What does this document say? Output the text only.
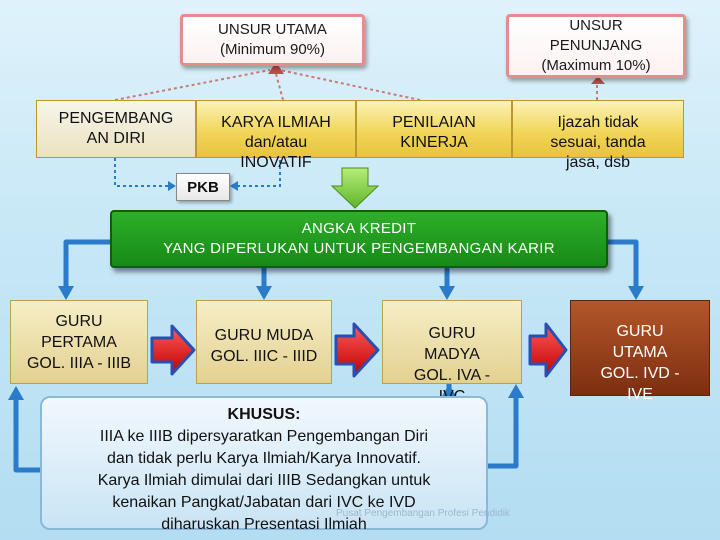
UNSUR UTAMA
(Minimum 90%)
UNSUR
PENUNJANG
(Maximum 10%)
PENGEMBANG
AN DIRI
KARYA ILMIAH
dan/atau
INOVATIF
PENILAIAN
KINERJA
Ijazah tidak
sesuai, tanda
jasa, dsb
PKB
ANGKA KREDIT
YANG DIPERLUKAN UNTUK PENGEMBANGAN KARIR
GURU
PERTAMA
GOL. IIIA - IIIB
GURU MUDA
GOL. IIIC - IIID
GURU
MADYA
GOL. IVA -
GURU
UTAMA
GOL. IVD -
IVE
KHUSUS:
IIIA ke IIIB dipersyaratkan Pengembangan Diri
dan tidak perlu Karya Ilmiah/Karya Innovatif.
Karya Ilmiah dimulai dari IIIB Sedangkan untuk
kenaikan Pangkat/Jabatan dari IVC ke IVD
diharuskan Presentasi Ilmiah
Pusat Pengembangan Profesi Pendidik
